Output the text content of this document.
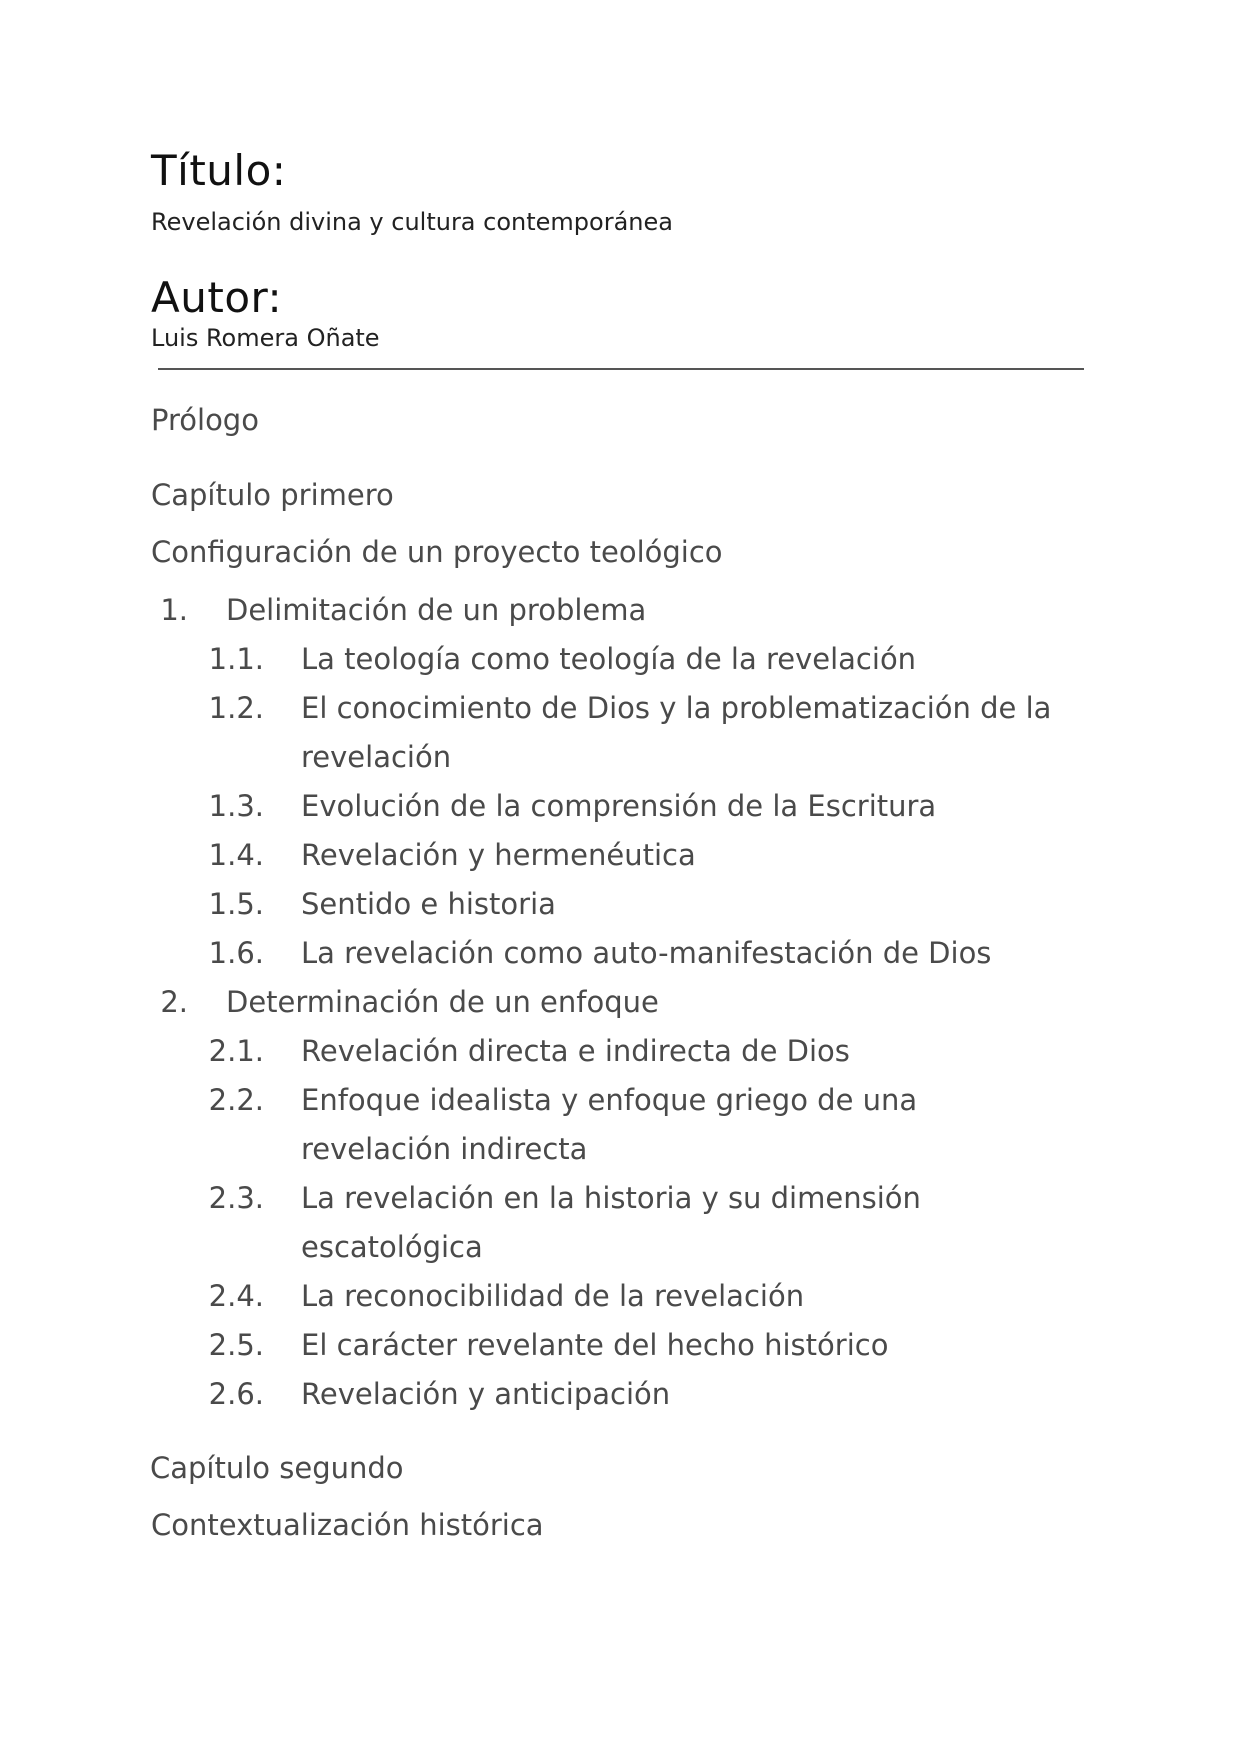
Título:

Revelación divina y cultura contemporánea

Autor:

Luis Romera Oñate

Prólogo

Capítulo primero

Configuración de un proyecto teológico

1. Delimitación de un problema
1.1. La teología como teología de la revelación
1.2. El conocimiento de Dios y la problematización de la
revelación
1.3. Evolución de la comprensión de la Escritura
1.4. Revelación y hermenéutica
1.5. Sentido e historia
1.6. La revelación como auto-manifestación de Dios
2. Determinación de un enfoque
2.1. Revelación directa e indirecta de Dios
2.2. Enfoque idealista y enfoque griego de una
revelación indirecta
2.3. La revelación en la historia y su dimensión
escatológica
2.4. La reconocibilidad de la revelación
2.5. El carácter revelante del hecho histórico
2.6. Revelación y anticipación

Capítulo segundo

Contextualización histórica
